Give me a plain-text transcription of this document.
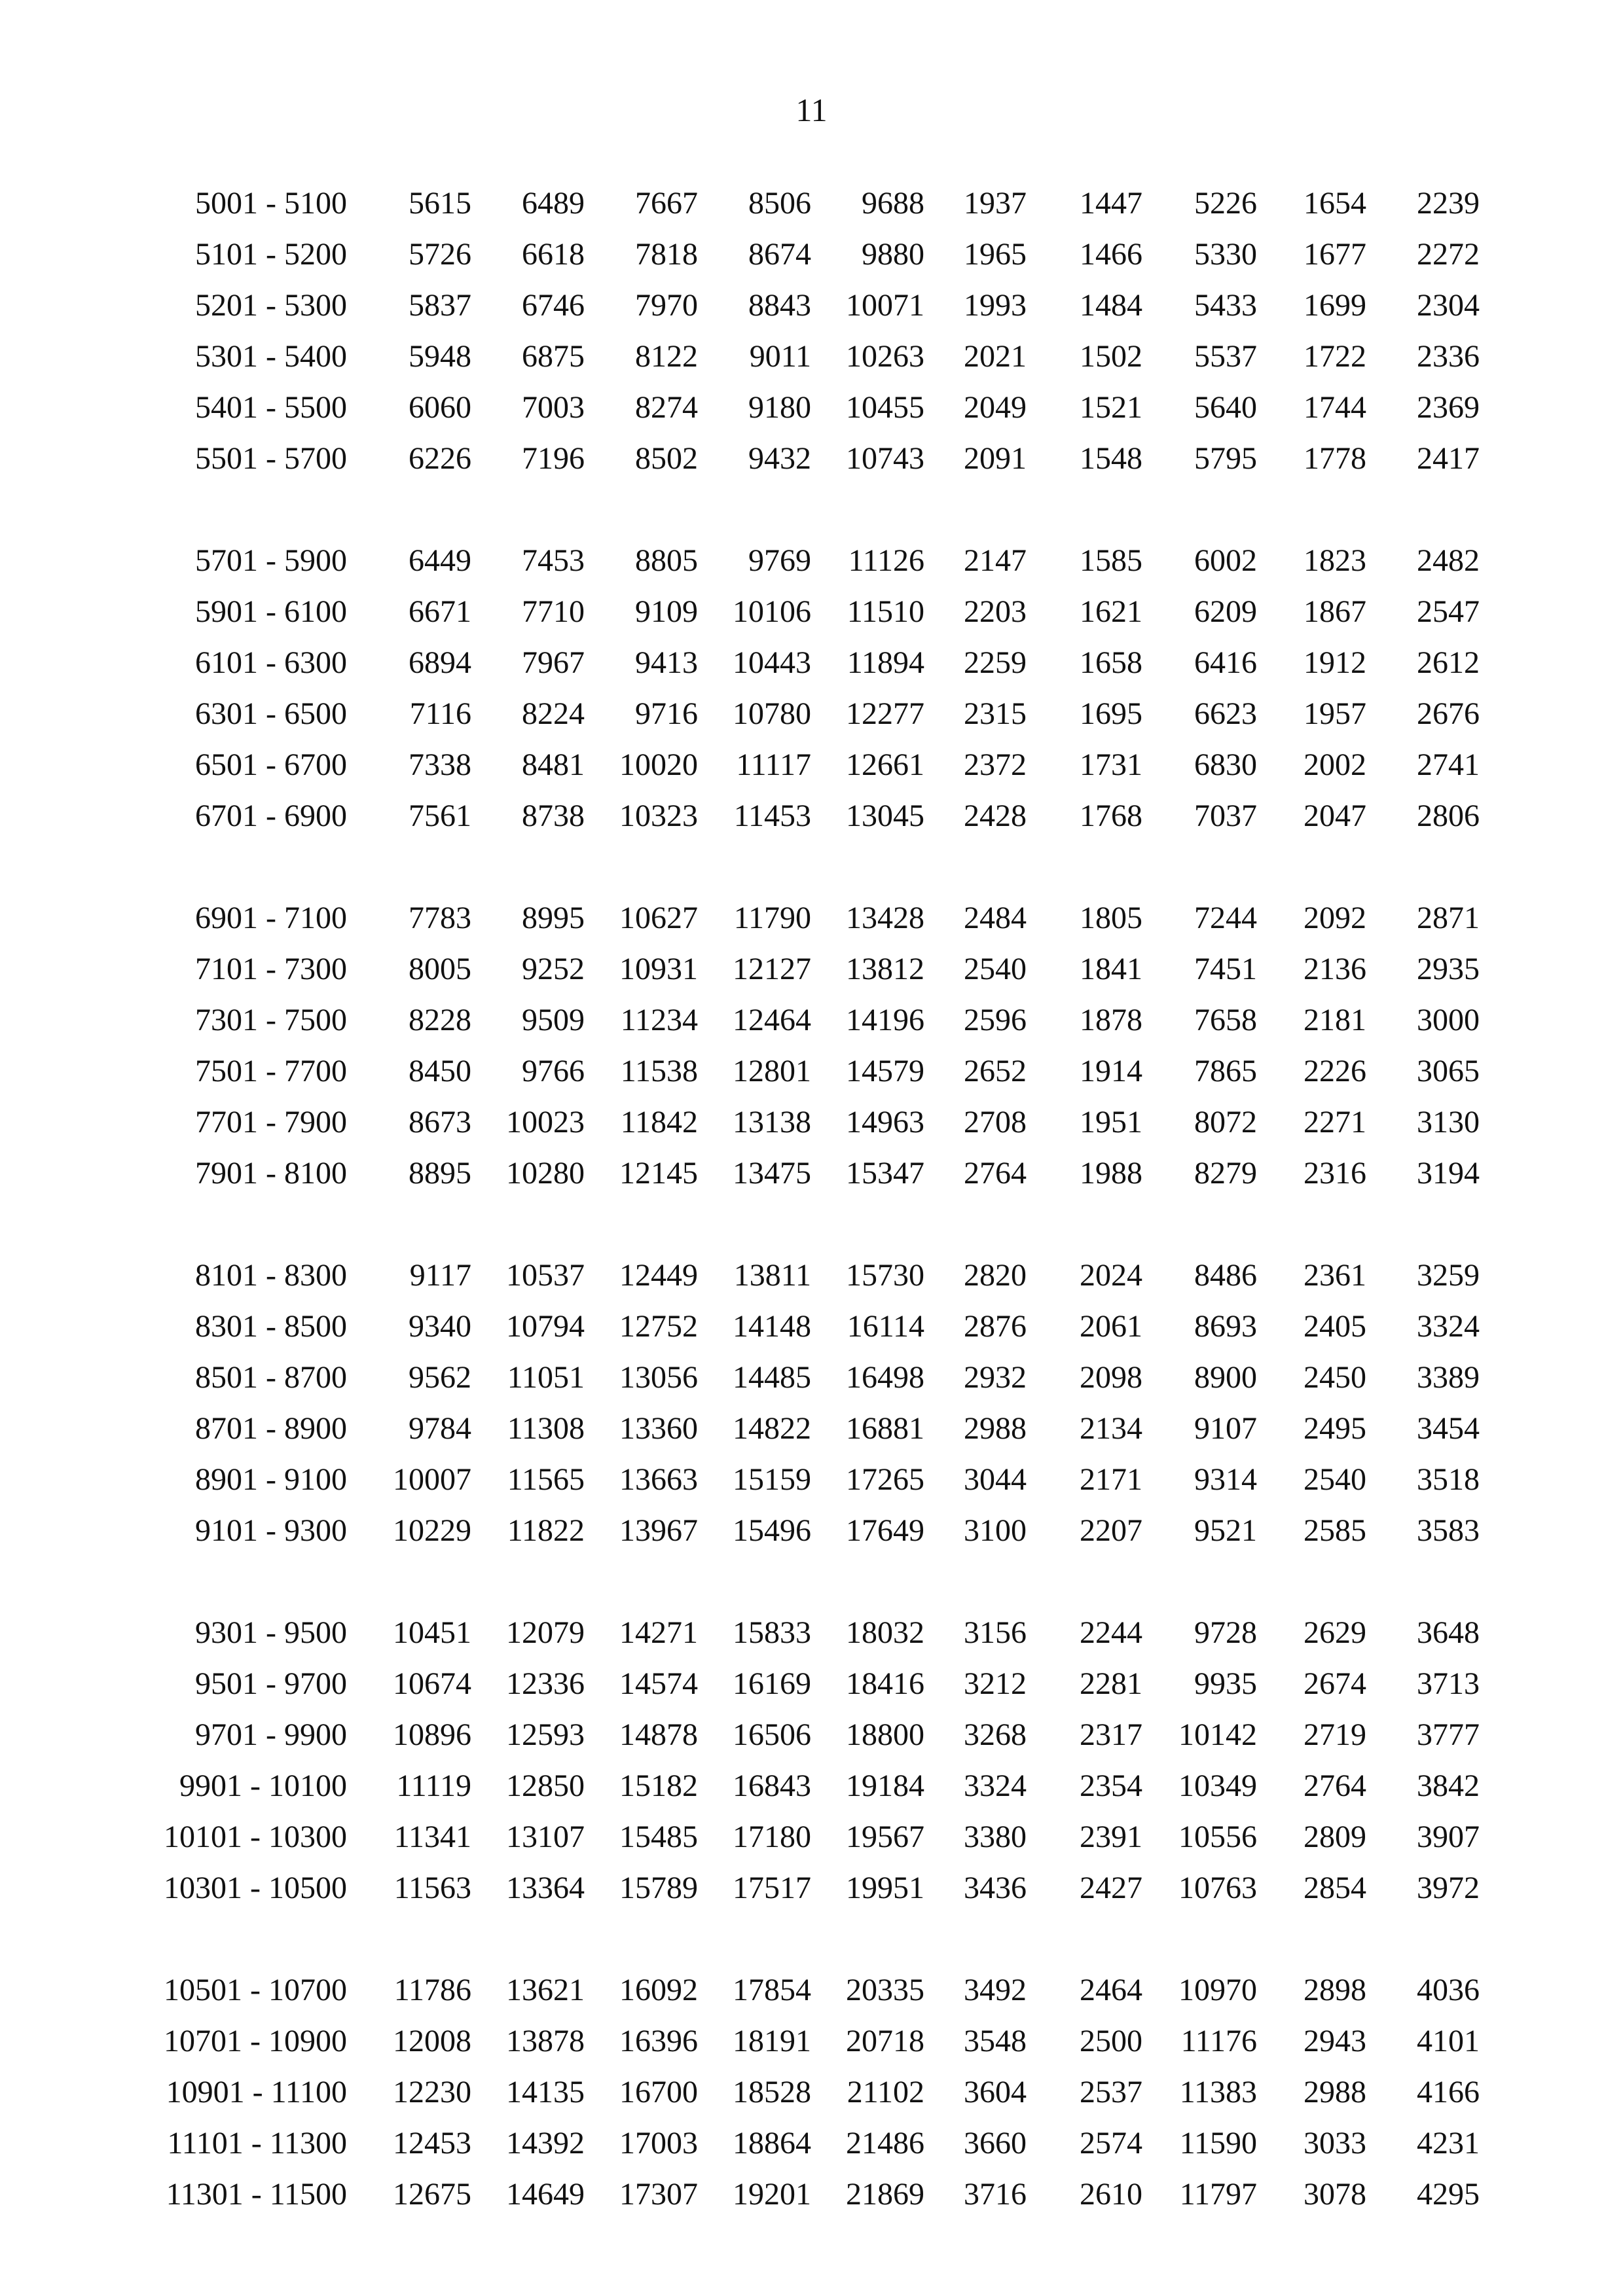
11
5001 - 5100	5615	6489	7667	8506	9688	1937	1447	5226	1654	2239
5101 - 5200	5726	6618	7818	8674	9880	1965	1466	5330	1677	2272
5201 - 5300	5837	6746	7970	8843	10071	1993	1484	5433	1699	2304
5301 - 5400	5948	6875	8122	9011	10263	2021	1502	5537	1722	2336
5401 - 5500	6060	7003	8274	9180	10455	2049	1521	5640	1744	2369
5501 - 5700	6226	7196	8502	9432	10743	2091	1548	5795	1778	2417
5701 - 5900	6449	7453	8805	9769	11126	2147	1585	6002	1823	2482
5901 - 6100	6671	7710	9109	10106	11510	2203	1621	6209	1867	2547
6101 - 6300	6894	7967	9413	10443	11894	2259	1658	6416	1912	2612
6301 - 6500	7116	8224	9716	10780	12277	2315	1695	6623	1957	2676
6501 - 6700	7338	8481	10020	11117	12661	2372	1731	6830	2002	2741
6701 - 6900	7561	8738	10323	11453	13045	2428	1768	7037	2047	2806
6901 - 7100	7783	8995	10627	11790	13428	2484	1805	7244	2092	2871
7101 - 7300	8005	9252	10931	12127	13812	2540	1841	7451	2136	2935
7301 - 7500	8228	9509	11234	12464	14196	2596	1878	7658	2181	3000
7501 - 7700	8450	9766	11538	12801	14579	2652	1914	7865	2226	3065
7701 - 7900	8673	10023	11842	13138	14963	2708	1951	8072	2271	3130
7901 - 8100	8895	10280	12145	13475	15347	2764	1988	8279	2316	3194
8101 - 8300	9117	10537	12449	13811	15730	2820	2024	8486	2361	3259
8301 - 8500	9340	10794	12752	14148	16114	2876	2061	8693	2405	3324
8501 - 8700	9562	11051	13056	14485	16498	2932	2098	8900	2450	3389
8701 - 8900	9784	11308	13360	14822	16881	2988	2134	9107	2495	3454
8901 - 9100	10007	11565	13663	15159	17265	3044	2171	9314	2540	3518
9101 - 9300	10229	11822	13967	15496	17649	3100	2207	9521	2585	3583
9301 - 9500	10451	12079	14271	15833	18032	3156	2244	9728	2629	3648
9501 - 9700	10674	12336	14574	16169	18416	3212	2281	9935	2674	3713
9701 - 9900	10896	12593	14878	16506	18800	3268	2317	10142	2719	3777
9901 - 10100	11119	12850	15182	16843	19184	3324	2354	10349	2764	3842
10101 - 10300	11341	13107	15485	17180	19567	3380	2391	10556	2809	3907
10301 - 10500	11563	13364	15789	17517	19951	3436	2427	10763	2854	3972
10501 - 10700	11786	13621	16092	17854	20335	3492	2464	10970	2898	4036
10701 - 10900	12008	13878	16396	18191	20718	3548	2500	11176	2943	4101
10901 - 11100	12230	14135	16700	18528	21102	3604	2537	11383	2988	4166
11101 - 11300	12453	14392	17003	18864	21486	3660	2574	11590	3033	4231
11301 - 11500	12675	14649	17307	19201	21869	3716	2610	11797	3078	4295
